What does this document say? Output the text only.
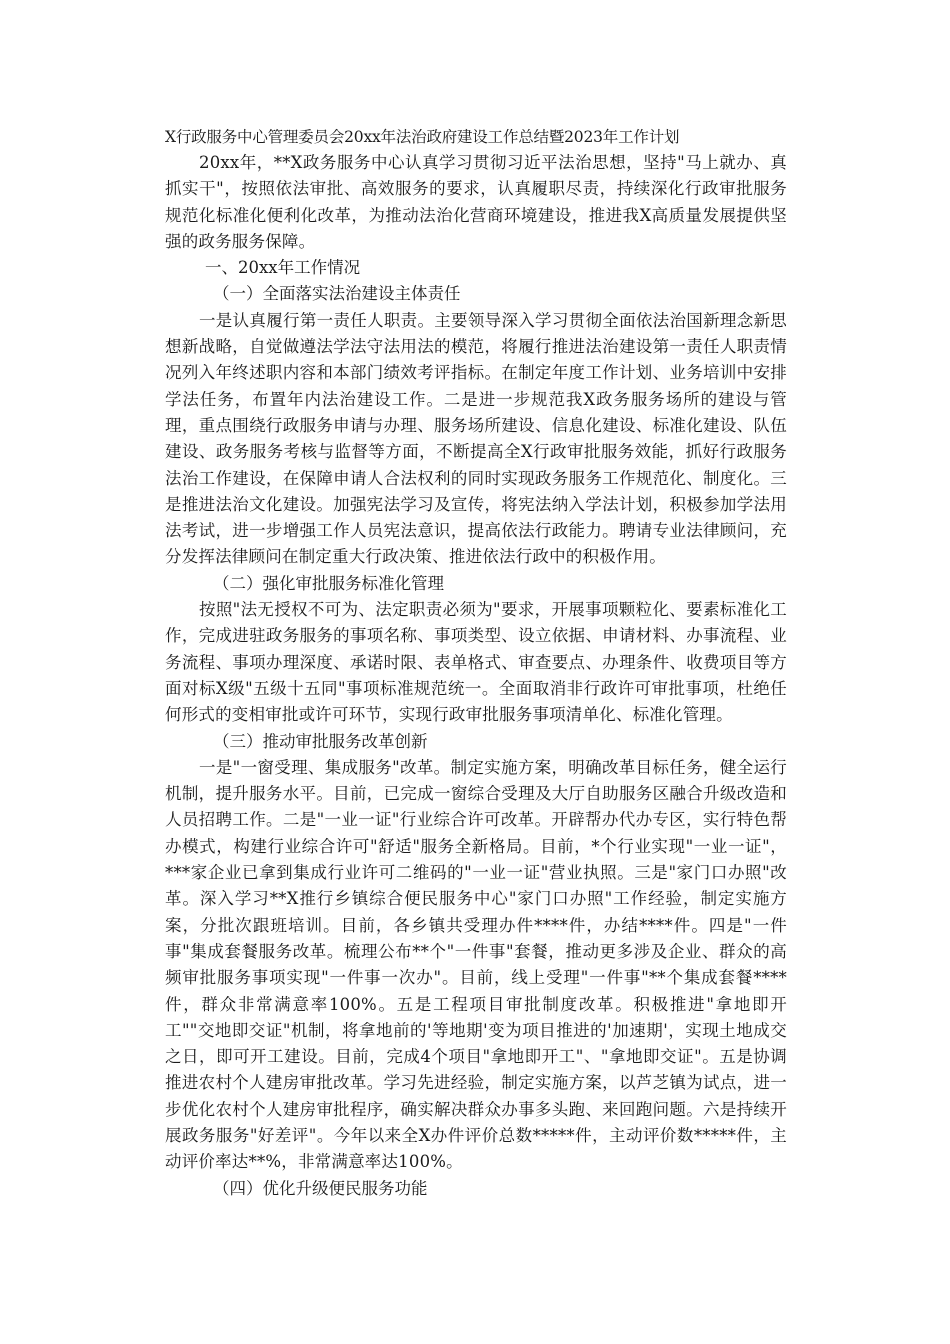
X行政服务中心管理委员会20xx年法治政府建设工作总结暨2023年工作计划

20xx年，**X政务服务中心认真学习贯彻习近平法治思想，坚持"马上就办、真抓实干"，按照依法审批、高效服务的要求，认真履职尽责，持续深化行政审批服务规范化标准化便利化改革，为推动法治化营商环境建设，推进我X高质量发展提供坚强的政务服务保障。

一、20xx年工作情况

（一）全面落实法治建设主体责任

一是认真履行第一责任人职责。主要领导深入学习贯彻全面依法治国新理念新思想新战略，自觉做遵法学法守法用法的模范，将履行推进法治建设第一责任人职责情况列入年终述职内容和本部门绩效考评指标。在制定年度工作计划、业务培训中安排学法任务，布置年内法治建设工作。二是进一步规范我X政务服务场所的建设与管理，重点围绕行政服务申请与办理、服务场所建设、信息化建设、标准化建设、队伍建设、政务服务考核与监督等方面，不断提高全X行政审批服务效能，抓好行政服务法治工作建设，在保障申请人合法权利的同时实现政务服务工作规范化、制度化。三是推进法治文化建设。加强宪法学习及宣传，将宪法纳入学法计划，积极参加学法用法考试，进一步增强工作人员宪法意识，提高依法行政能力。聘请专业法律顾问，充分发挥法律顾问在制定重大行政决策、推进依法行政中的积极作用。

（二）强化审批服务标准化管理

按照"法无授权不可为、法定职责必须为"要求，开展事项颗粒化、要素标准化工作，完成进驻政务服务的事项名称、事项类型、设立依据、申请材料、办事流程、业务流程、事项办理深度、承诺时限、表单格式、审查要点、办理条件、收费项目等方面对标X级"五级十五同"事项标准规范统一。全面取消非行政许可审批事项，杜绝任何形式的变相审批或许可环节，实现行政审批服务事项清单化、标准化管理。

（三）推动审批服务改革创新

一是"一窗受理、集成服务"改革。制定实施方案，明确改革目标任务，健全运行机制，提升服务水平。目前，已完成一窗综合受理及大厅自助服务区融合升级改造和人员招聘工作。二是"一业一证"行业综合许可改革。开辟帮办代办专区，实行特色帮办模式，构建行业综合许可"舒适"服务全新格局。目前，*个行业实现"一业一证"，***家企业已拿到集成行业许可二维码的"一业一证"营业执照。三是"家门口办照"改革。深入学习**X推行乡镇综合便民服务中心"家门口办照"工作经验，制定实施方案，分批次跟班培训。目前，各乡镇共受理办件****件，办结****件。四是"一件事"集成套餐服务改革。梳理公布**个"一件事"套餐，推动更多涉及企业、群众的高频审批服务事项实现"一件事一次办"。目前，线上受理"一件事"**个集成套餐****件，群众非常满意率100%。五是工程项目审批制度改革。积极推进"拿地即开工""交地即交证"机制，将拿地前的'等地期'变为项目推进的'加速期'，实现土地成交之日，即可开工建设。目前，完成4个项目"拿地即开工"、"拿地即交证"。五是协调推进农村个人建房审批改革。学习先进经验，制定实施方案，以芦芝镇为试点，进一步优化农村个人建房审批程序，确实解决群众办事多头跑、来回跑问题。六是持续开展政务服务"好差评"。今年以来全X办件评价总数*****件，主动评价数*****件，主动评价率达**%，非常满意率达100%。

（四）优化升级便民服务功能
